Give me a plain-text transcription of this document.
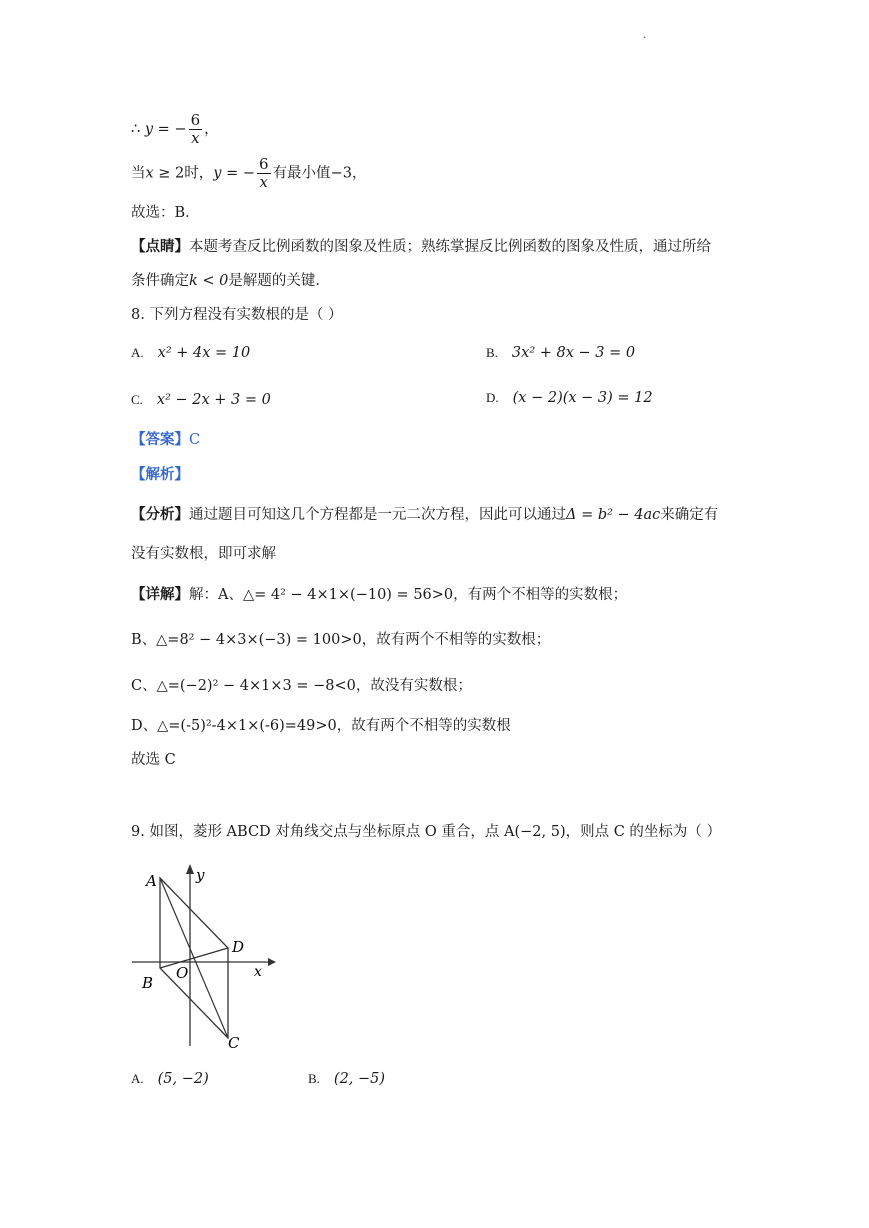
.
∴ y = − $\frac{6}{x}$ ，
当x ≥ 2时，y = − $\frac{6}{x}$ 有最小值−3，
故选：B．
【点睛】本题考查反比例函数的图象及性质；熟练掌握反比例函数的图象及性质，通过所给
条件确定k < 0是解题的关键．
8. 下列方程没有实数根的是（ ）
A. x² + 4x = 10	B. 3x² + 8x − 3 = 0
C. x² − 2x + 3 = 0	D. (x − 2)(x − 3) = 12
【答案】C
【解析】
【分析】通过题目可知这几个方程都是一元二次方程，因此可以通过Δ = b² − 4ac来确定有
没有实数根，即可求解
【详解】解：A、△= 4² − 4×1×(−10) = 56>0，有两个不相等的实数根；
B、△=8² − 4×3×(−3) = 100>0，故有两个不相等的实数根；
C、△=(−2)² − 4×1×3 = −8<0，故没有实数根；
D、△=(-5)²-4×1×(-6)=49>0，故有两个不相等的实数根
故选 C
9. 如图，菱形 ABCD 对角线交点与坐标原点 O 重合，点 A(−2, 5)，则点 C 的坐标为（ ）
A	y
D
x
O
B
C
A. (5, −2)	B. (2, −5)
